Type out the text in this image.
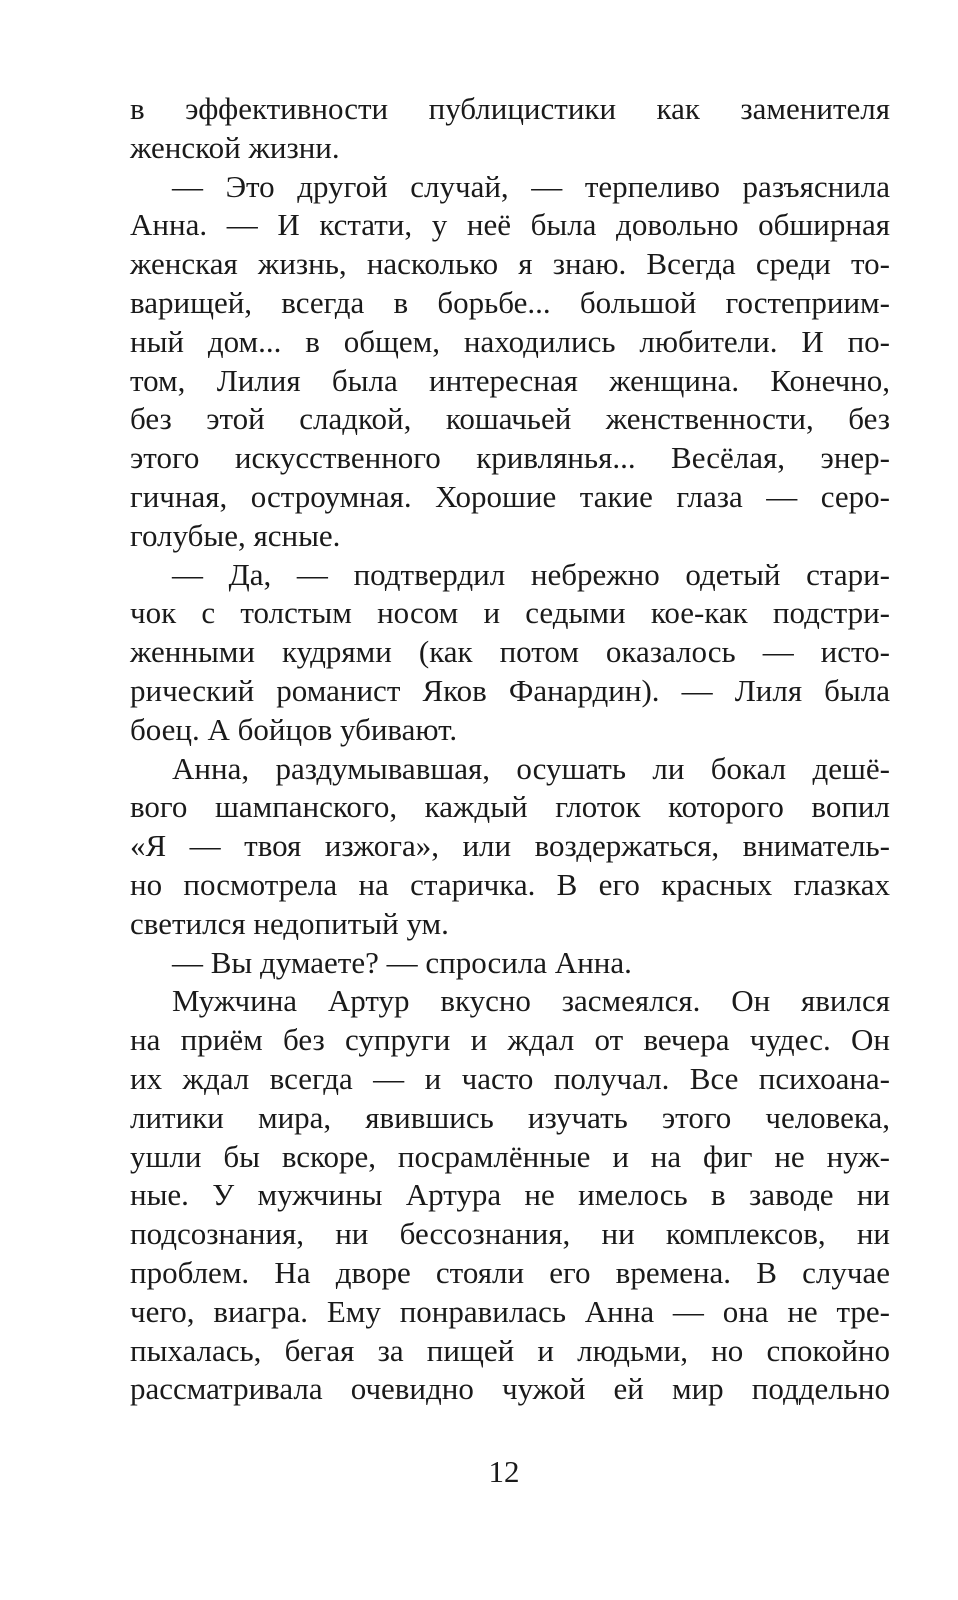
в эффективности публицистики как заменителя
женской жизни.
— Это другой случай, — терпеливо разъяснила
Анна. — И кстати, у неё была довольно обширная
женская жизнь, насколько я знаю. Всегда среди то-
варищей, всегда в борьбе... большой гостеприим-
ный дом... в общем, находились любители. И по-
том, Лилия была интересная женщина. Конечно,
без этой сладкой, кошачьей женственности, без
этого искусственного кривлянья... Весёлая, энер-
гичная, остроумная. Хорошие такие глаза — серо-
голубые, ясные.
— Да, — подтвердил небрежно одетый стари-
чок с толстым носом и седыми кое-как подстри-
женными кудрями (как потом оказалось — исто-
рический романист Яков Фанардин). — Лиля была
боец. А бойцов убивают.
Анна, раздумывавшая, осушать ли бокал дешё-
вого шампанского, каждый глоток которого вопил
«Я — твоя изжога», или воздержаться, вниматель-
но посмотрела на старичка. В его красных глазках
светился недопитый ум.
— Вы думаете? — спросила Анна.
Мужчина Артур вкусно засмеялся. Он явился
на приём без супруги и ждал от вечера чудес. Он
их ждал всегда — и часто получал. Все психоана-
литики мира, явившись изучать этого человека,
ушли бы вскоре, посрамлённые и на фиг не нуж-
ные. У мужчины Артура не имелось в заводе ни
подсознания, ни бессознания, ни комплексов, ни
проблем. На дворе стояли его времена. В случае
чего, виагра. Ему понравилась Анна — она не тре-
пыхалась, бегая за пищей и людьми, но спокойно
рассматривала очевидно чужой ей мир поддельно
12
